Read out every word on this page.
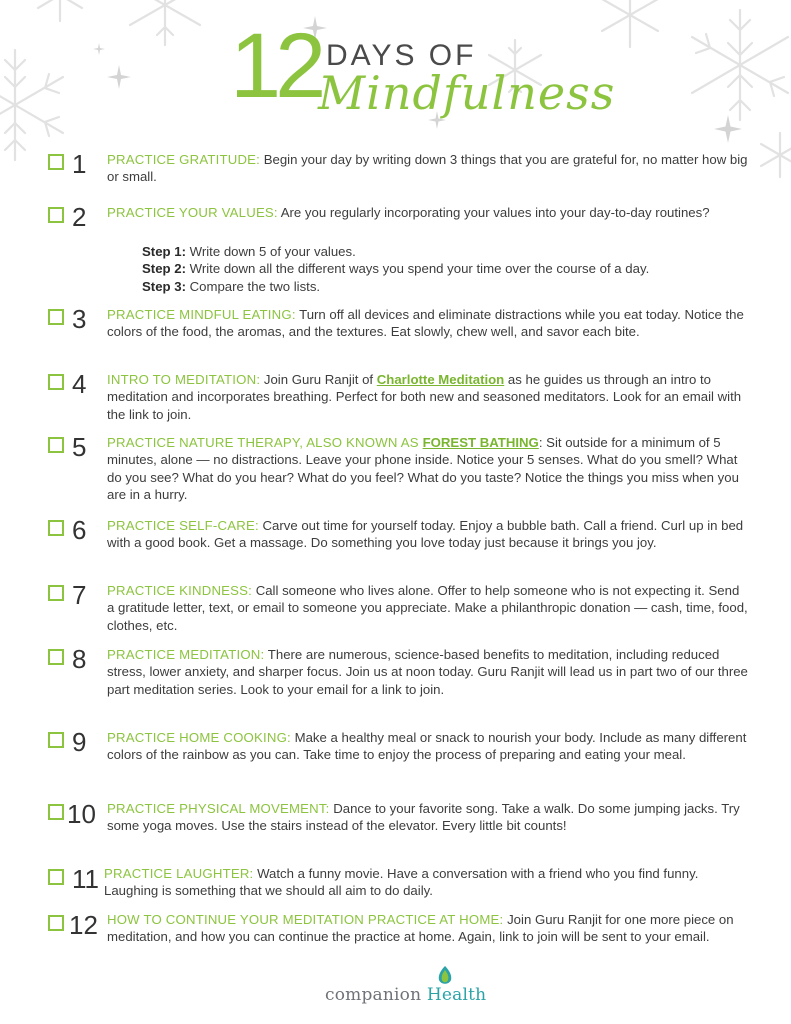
12 DAYS OF
Mindfulness
1 PRACTICE GRATITUDE: Begin your day by writing down 3 things that you are grateful for, no matter how big or small.
2 PRACTICE YOUR VALUES: Are you regularly incorporating your values into your day-to-day routines?
Step 1: Write down 5 of your values.
Step 2: Write down all the different ways you spend your time over the course of a day.
Step 3: Compare the two lists.
3 PRACTICE MINDFUL EATING: Turn off all devices and eliminate distractions while you eat today. Notice the colors of the food, the aromas, and the textures. Eat slowly, chew well, and savor each bite.
4 INTRO TO MEDITATION: Join Guru Ranjit of Charlotte Meditation as he guides us through an intro to meditation and incorporates breathing. Perfect for both new and seasoned meditators. Look for an email with the link to join.
5 PRACTICE NATURE THERAPY, ALSO KNOWN AS FOREST BATHING: Sit outside for a minimum of 5 minutes, alone — no distractions. Leave your phone inside. Notice your 5 senses. What do you smell? What do you see? What do you hear? What do you feel? What do you taste? Notice the things you miss when you are in a hurry.
6 PRACTICE SELF-CARE: Carve out time for yourself today. Enjoy a bubble bath. Call a friend. Curl up in bed with a good book. Get a massage. Do something you love today just because it brings you joy.
7 PRACTICE KINDNESS: Call someone who lives alone. Offer to help someone who is not expecting it. Send a gratitude letter, text, or email to someone you appreciate. Make a philanthropic donation — cash, time, food, clothes, etc.
8 PRACTICE MEDITATION: There are numerous, science-based benefits to meditation, including reduced stress, lower anxiety, and sharper focus. Join us at noon today. Guru Ranjit will lead us in part two of our three part meditation series. Look to your email for a link to join.
9 PRACTICE HOME COOKING: Make a healthy meal or snack to nourish your body. Include as many different colors of the rainbow as you can. Take time to enjoy the process of preparing and eating your meal.
10 PRACTICE PHYSICAL MOVEMENT: Dance to your favorite song. Take a walk. Do some jumping jacks. Try some yoga moves. Use the stairs instead of the elevator. Every little bit counts!
11 PRACTICE LAUGHTER: Watch a funny movie. Have a conversation with a friend who you find funny. Laughing is something that we should all aim to do daily.
12 HOW TO CONTINUE YOUR MEDITATION PRACTICE AT HOME: Join Guru Ranjit for one more piece on meditation, and how you can continue the practice at home. Again, link to join will be sent to your email.
companion Health
